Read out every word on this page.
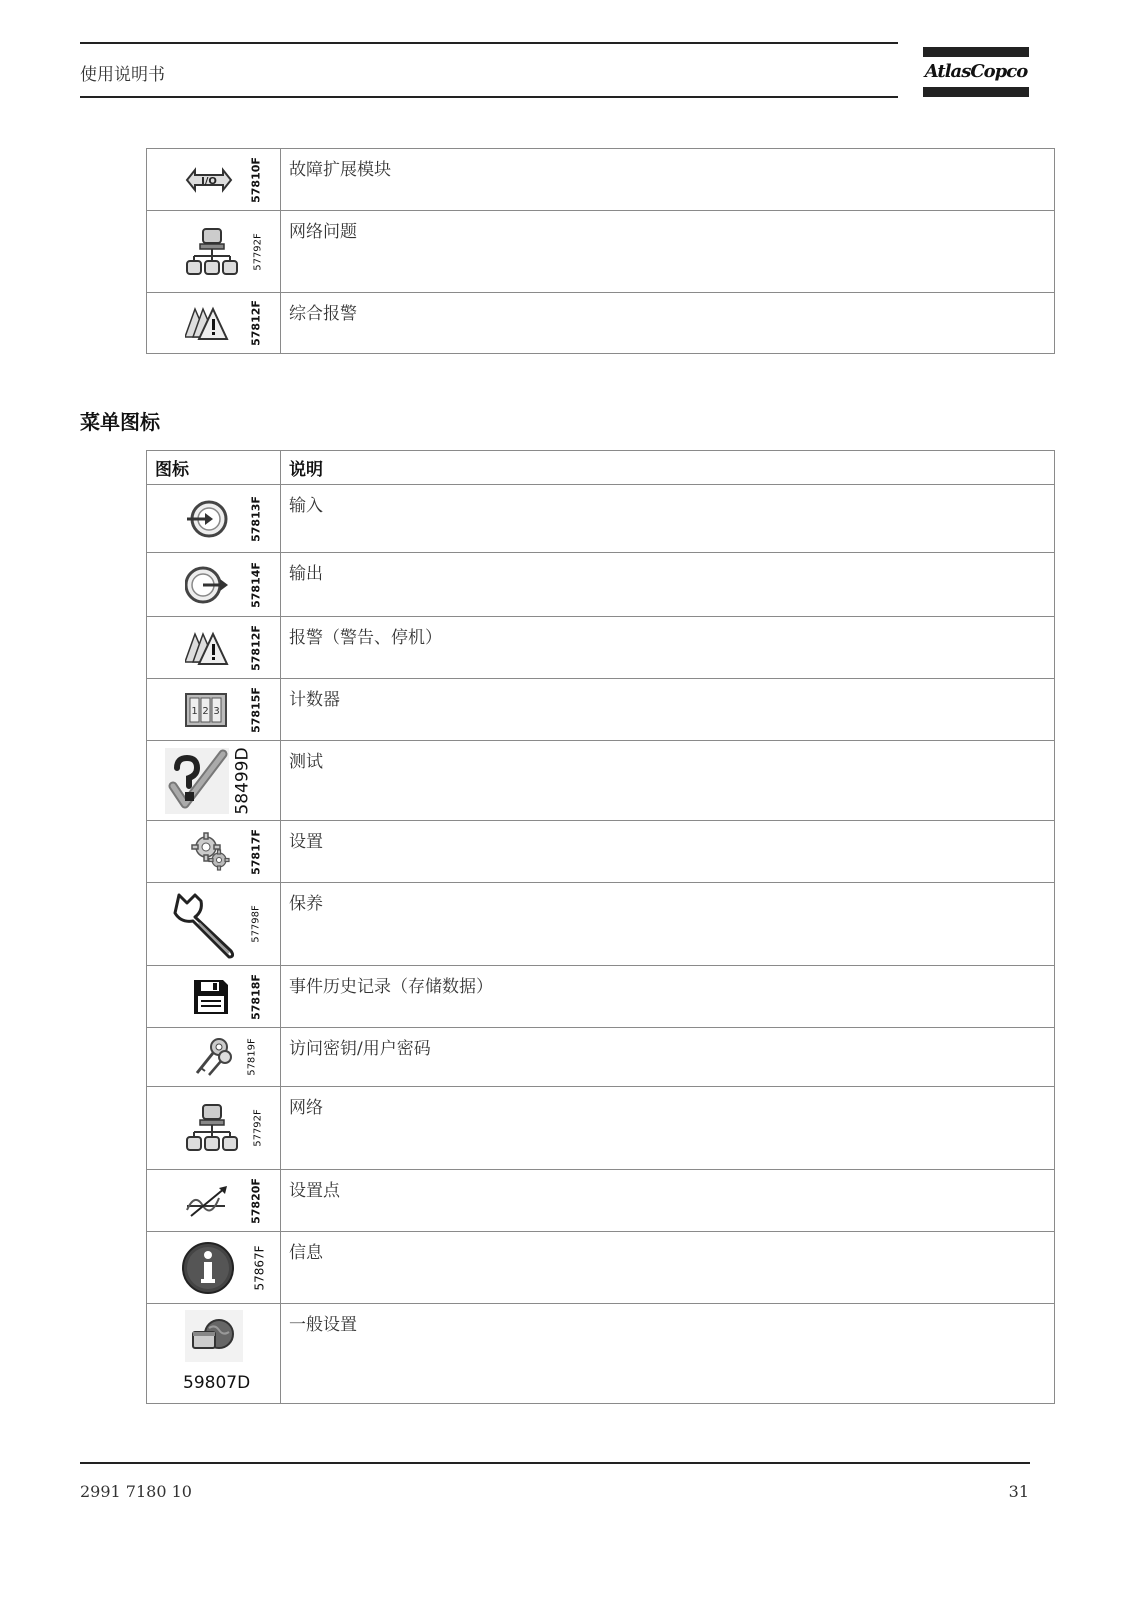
使用说明书	AtlasCopco
I/O 57810F	故障扩展模块

57792F	网络问题

57812F	综合报警
菜单图标
图标	说明

57813F	输入

57814F	输出

57812F	报警（警告、停机）

1 2 3 57815F	计数器

58499D	测试

57817F	设置

57798F	保养

57818F	事件历史记录（存储数据）

57819F	访问密钥/用户密码

57792F	网络

57820F	设置点

57867F	信息

59807D	一般设置
2991 7180 10	31
